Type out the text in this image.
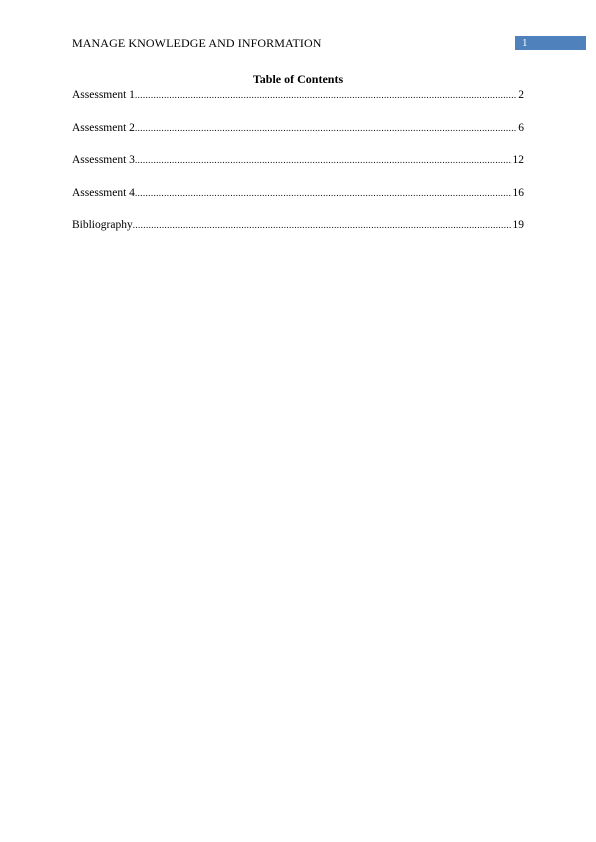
MANAGE KNOWLEDGE AND INFORMATION	1
Table of Contents
Assessment 1 .....	2
Assessment 2 .....	6
Assessment 3 .....	12
Assessment 4 .....	16
Bibliography .....	19
